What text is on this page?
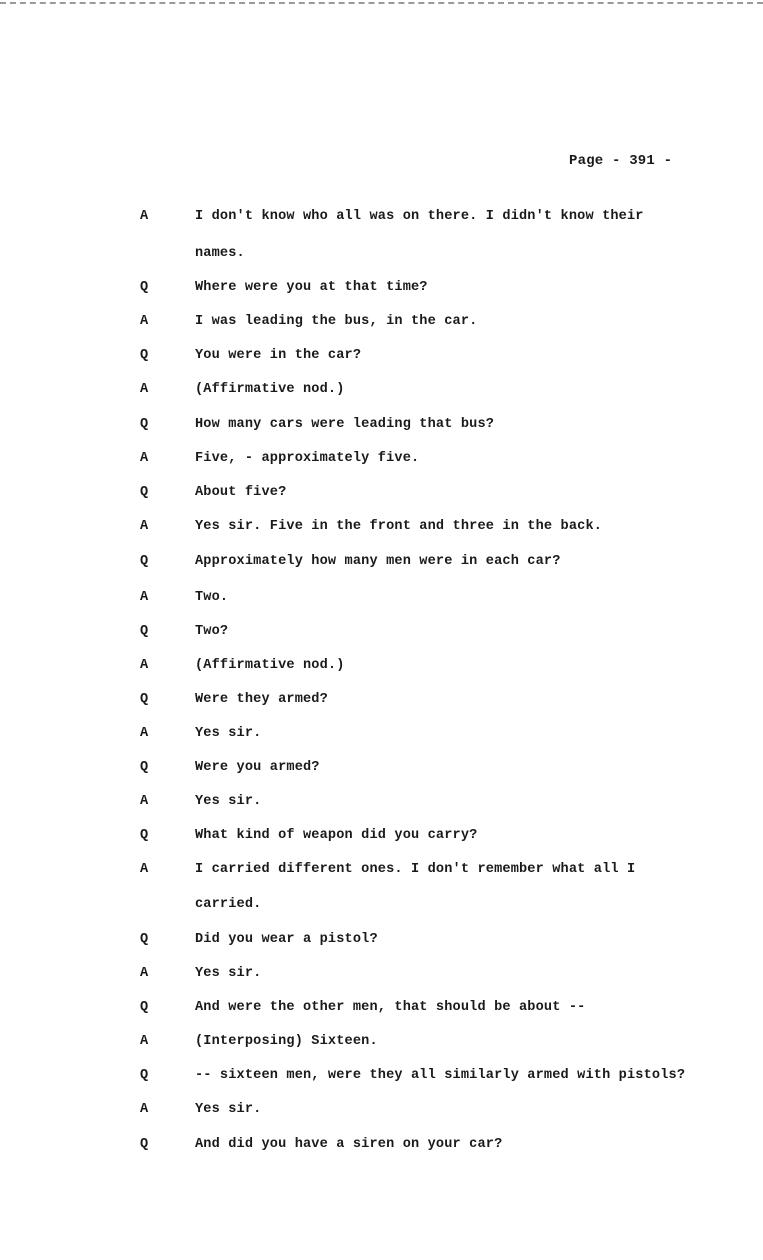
Page - 391 -
A	I don't know who all was on there. I didn't know their
names.
Q	Where were you at that time?
A	I was leading the bus, in the car.
Q	You were in the car?
A	(Affirmative nod.)
Q	How many cars were leading that bus?
A	Five, - approximately five.
Q	About five?
A	Yes sir. Five in the front and three in the back.
Q	Approximately how many men were in each car?
A	Two.
Q	Two?
A	(Affirmative nod.)
Q	Were they armed?
A	Yes sir.
Q	Were you armed?
A	Yes sir.
Q	What kind of weapon did you carry?
A	I carried different ones. I don't remember what all I
carried.
Q	Did you wear a pistol?
A	Yes sir.
Q	And were the other men, that should be about --
A	(Interposing) Sixteen.
Q	-- sixteen men, were they all similarly armed with pistols?
A	Yes sir.
Q	And did you have a siren on your car?
